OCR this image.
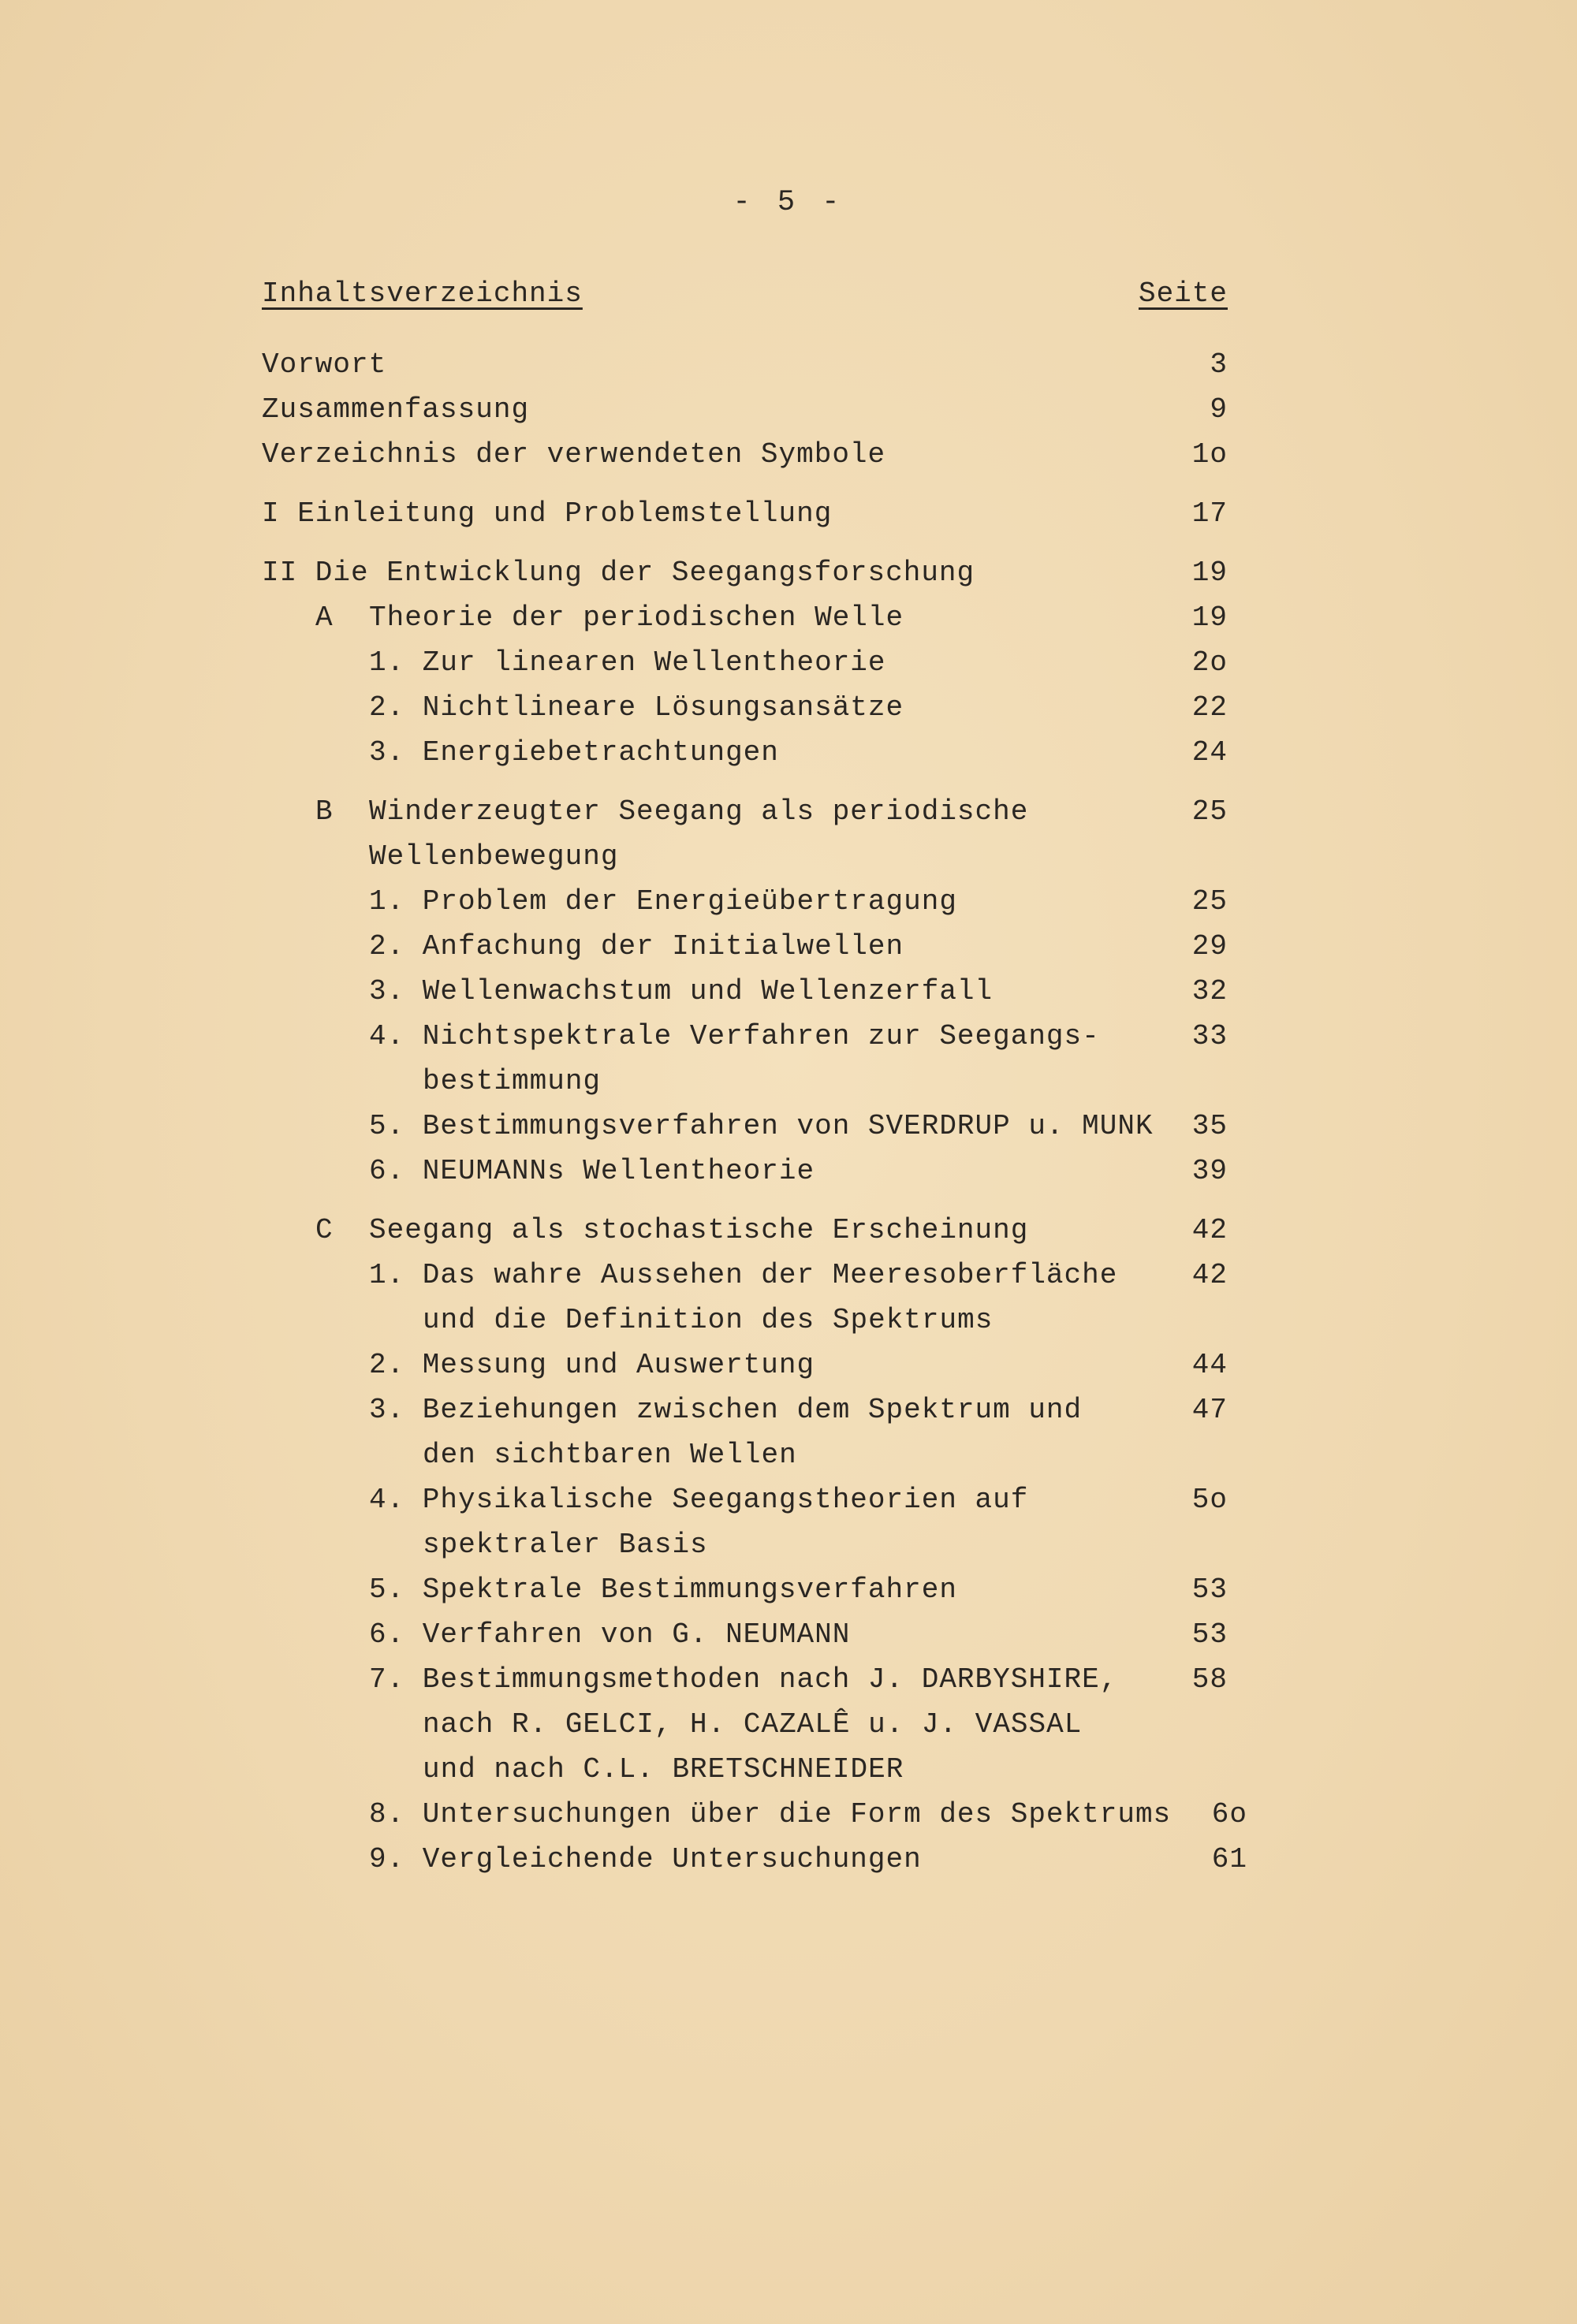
- 5 -
Inhaltsverzeichnis	Seite
Vorwort	3
Zusammenfassung	9
Verzeichnis der verwendeten Symbole	1o
I Einleitung und Problemstellung	17
II Die Entwicklung der Seegangsforschung	19
A Theorie der periodischen Welle	19
1. Zur linearen Wellentheorie	2o
2. Nichtlineare Lösungsansätze	22
3. Energiebetrachtungen	24
B Winderzeugter Seegang als periodische	25
Wellenbewegung
1. Problem der Energieübertragung	25
2. Anfachung der Initialwellen	29
3. Wellenwachstum und Wellenzerfall	32
4. Nichtspektrale Verfahren zur Seegangs-	33
bestimmung
5. Bestimmungsverfahren von SVERDRUP u. MUNK 35
6. NEUMANNs Wellentheorie	39
C Seegang als stochastische Erscheinung	42
1. Das wahre Aussehen der Meeresoberfläche	42
und die Definition des Spektrums
2. Messung und Auswertung	44
3. Beziehungen zwischen dem Spektrum und	47
den sichtbaren Wellen
4. Physikalische Seegangstheorien auf	5o
spektraler Basis
5. Spektrale Bestimmungsverfahren	53
6. Verfahren von G. NEUMANN	53
7. Bestimmungsmethoden nach J. DARBYSHIRE,	58
nach R. GELCI, H. CAZALÊ u. J. VASSAL
und nach C.L. BRETSCHNEIDER
8. Untersuchungen über die Form des Spektrums 6o
9. Vergleichende Untersuchungen	61
